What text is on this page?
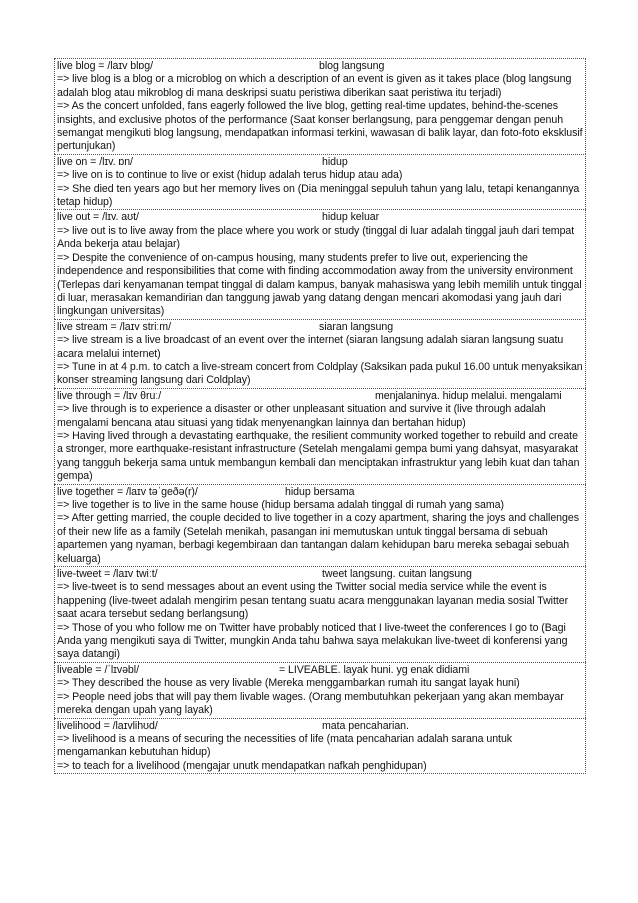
live blog = /laɪv blɒg/	blog langsung

=> live blog is a blog or a microblog on which a description of an event is given as it takes place (blog langsung adalah blog atau mikroblog di mana deskripsi suatu peristiwa diberikan saat peristiwa itu terjadi)

=> As the concert unfolded, fans eagerly followed the live blog, getting real-time updates, behind-the-scenes insights, and exclusive photos of the performance (Saat konser berlangsung, para penggemar dengan penuh semangat mengikuti blog langsung, mendapatkan informasi terkini, wawasan di balik layar, dan foto-foto eksklusif pertunjukan)

live on = /lɪv. ɒn/	hidup

=> live on is to continue to live or exist (hidup adalah terus hidup atau ada)

=> She died ten years ago but her memory lives on (Dia meninggal sepuluh tahun yang lalu, tetapi kenangannya tetap hidup)

live out = /lɪv. aʊt/	hidup keluar

=> live out is to live away from the place where you work or study (tinggal di luar adalah tinggal jauh dari tempat Anda bekerja atau belajar)

=> Despite the convenience of on-campus housing, many students prefer to live out, experiencing the independence and responsibilities that come with finding accommodation away from the university environment (Terlepas dari kenyamanan tempat tinggal di dalam kampus, banyak mahasiswa yang lebih memilih untuk tinggal di luar, merasakan kemandirian dan tanggung jawab yang datang dengan mencari akomodasi yang jauh dari lingkungan universitas)

live stream = /laɪv striːm/	siaran langsung

=> live stream is a live broadcast of an event over the internet (siaran langsung adalah siaran langsung suatu acara melalui internet)

=> Tune in at 4 p.m. to catch a live-stream concert from Coldplay (Saksikan pada pukul 16.00 untuk menyaksikan konser streaming langsung dari Coldplay)

live through = /lɪv θruː/	menjalaninya. hidup melalui. mengalami

=> live through is to experience a disaster or other unpleasant situation and survive it (live through adalah mengalami bencana atau situasi yang tidak menyenangkan lainnya dan bertahan hidup)

=> Having lived through a devastating earthquake, the resilient community worked together to rebuild and create a stronger, more earthquake-resistant infrastructure (Setelah mengalami gempa bumi yang dahsyat, masyarakat yang tangguh bekerja sama untuk membangun kembali dan menciptakan infrastruktur yang lebih kuat dan tahan gempa)

live together = /laɪv təˈgeðə(r)/	hidup bersama

=> live together is to live in the same house (hidup bersama adalah tinggal di rumah yang sama)

=> After getting married, the couple decided to live together in a cozy apartment, sharing the joys and challenges of their new life as a family (Setelah menikah, pasangan ini memutuskan untuk tinggal bersama di sebuah apartemen yang nyaman, berbagi kegembiraan dan tantangan dalam kehidupan baru mereka sebagai sebuah keluarga)

live-tweet = /laɪv twiːt/	tweet langsung. cuitan langsung

=> live-tweet is to send messages about an event using the Twitter social media service while the event is happening (live-tweet adalah mengirim pesan tentang suatu acara menggunakan layanan media sosial Twitter saat acara tersebut sedang berlangsung)

=> Those of you who follow me on Twitter have probably noticed that I live-tweet the conferences I go to (Bagi Anda yang mengikuti saya di Twitter, mungkin Anda tahu bahwa saya melakukan live-tweet di konferensi yang saya datangi)

liveable = /ˈlɪvəbl/	= LIVEABLE. layak huni. yg enak didiami

=> They described the house as very livable (Mereka menggambarkan rumah itu sangat layak huni)

=> People need jobs that will pay them livable wages. (Orang membutuhkan pekerjaan yang akan membayar mereka dengan upah yang layak)

livelihood = /laɪvlihʊd/	mata pencaharian.

=> livelihood is a means of securing the necessities of life (mata pencaharian adalah sarana untuk mengamankan kebutuhan hidup)

=> to teach for a livelihood (mengajar unutk mendapatkan nafkah penghidupan)
